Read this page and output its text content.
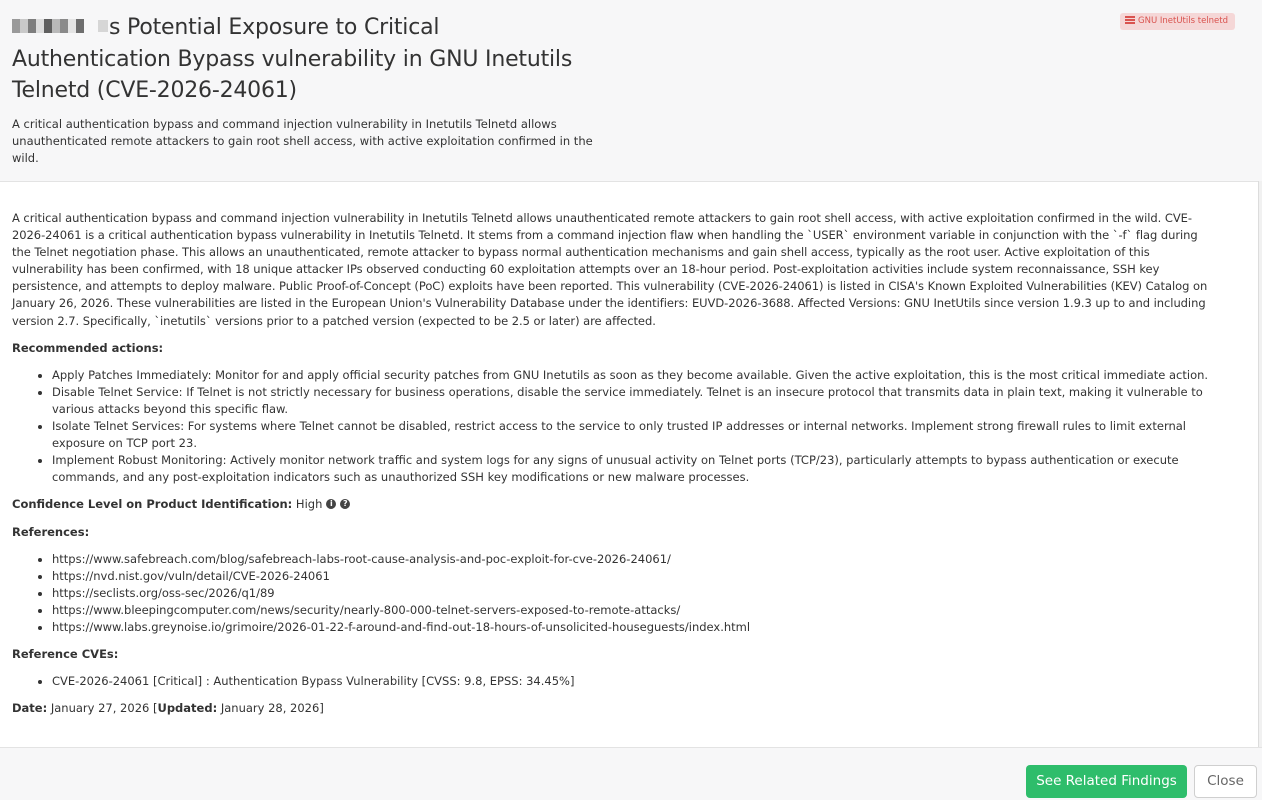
s Potential Exposure to Critical Authentication Bypass vulnerability in GNU Inetutils Telnetd (CVE-2026-24061)
A critical authentication bypass and command injection vulnerability in Inetutils Telnetd allows unauthenticated remote attackers to gain root shell access, with active exploitation confirmed in the wild.
GNU InetUtils telnetd

A critical authentication bypass and command injection vulnerability in Inetutils Telnetd allows unauthenticated remote attackers to gain root shell access, with active exploitation confirmed in the wild. CVE-2026-24061 is a critical authentication bypass vulnerability in Inetutils Telnetd. It stems from a command injection flaw when handling the `USER` environment variable in conjunction with the `-f` flag during the Telnet negotiation phase. This allows an unauthenticated, remote attacker to bypass normal authentication mechanisms and gain shell access, typically as the root user. Active exploitation of this vulnerability has been confirmed, with 18 unique attacker IPs observed conducting 60 exploitation attempts over an 18-hour period. Post-exploitation activities include system reconnaissance, SSH key persistence, and attempts to deploy malware. Public Proof-of-Concept (PoC) exploits have been reported. This vulnerability (CVE-2026-24061) is listed in CISA's Known Exploited Vulnerabilities (KEV) Catalog on January 26, 2026. These vulnerabilities are listed in the European Union's Vulnerability Database under the identifiers: EUVD-2026-3688. Affected Versions: GNU InetUtils since version 1.9.3 up to and including version 2.7. Specifically, `inetutils` versions prior to a patched version (expected to be 2.5 or later) are affected.

Recommended actions:

• Apply Patches Immediately: Monitor for and apply official security patches from GNU Inetutils as soon as they become available. Given the active exploitation, this is the most critical immediate action.
• Disable Telnet Service: If Telnet is not strictly necessary for business operations, disable the service immediately. Telnet is an insecure protocol that transmits data in plain text, making it vulnerable to various attacks beyond this specific flaw.
• Isolate Telnet Services: For systems where Telnet cannot be disabled, restrict access to the service to only trusted IP addresses or internal networks. Implement strong firewall rules to limit external exposure on TCP port 23.
• Implement Robust Monitoring: Actively monitor network traffic and system logs for any signs of unusual activity on Telnet ports (TCP/23), particularly attempts to bypass authentication or execute commands, and any post-exploitation indicators such as unauthorized SSH key modifications or new malware processes.

Confidence Level on Product Identification: High i ?

References:

• https://www.safebreach.com/blog/safebreach-labs-root-cause-analysis-and-poc-exploit-for-cve-2026-24061/
• https://nvd.nist.gov/vuln/detail/CVE-2026-24061
• https://seclists.org/oss-sec/2026/q1/89
• https://www.bleepingcomputer.com/news/security/nearly-800-000-telnet-servers-exposed-to-remote-attacks/
• https://www.labs.greynoise.io/grimoire/2026-01-22-f-around-and-find-out-18-hours-of-unsolicited-houseguests/index.html

Reference CVEs:

• CVE-2026-24061 [Critical] : Authentication Bypass Vulnerability [CVSS: 9.8, EPSS: 34.45%]

Date: January 27, 2026 [Updated: January 28, 2026]

See Related Findings	Close
